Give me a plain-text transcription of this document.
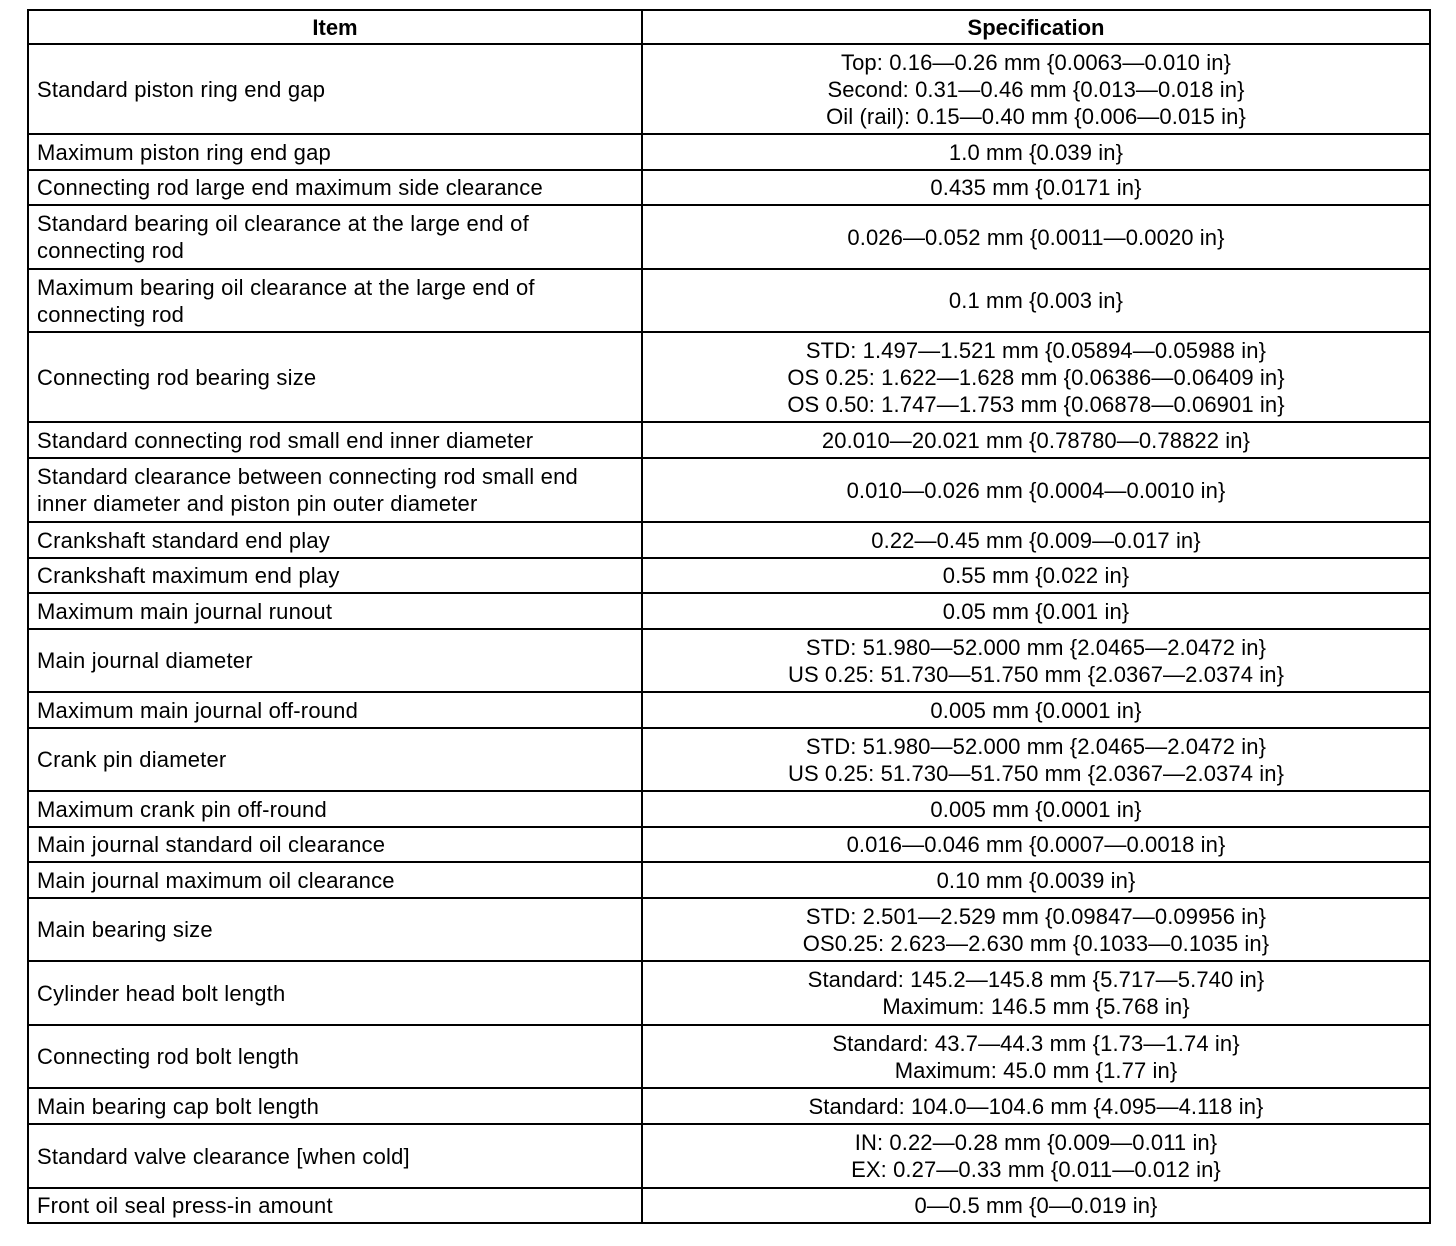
Item	Specification
Standard piston ring end gap	Top: 0.16—0.26 mm {0.0063—0.010 in}
Second: 0.31—0.46 mm {0.013—0.018 in}
Oil (rail): 0.15—0.40 mm {0.006—0.015 in}

Maximum piston ring end gap	1.0 mm {0.039 in}

Connecting rod large end maximum side clearance	0.435 mm {0.0171 in}

Standard bearing oil clearance at the large end of connecting rod	0.026—0.052 mm {0.0011—0.0020 in}

Maximum bearing oil clearance at the large end of connecting rod	0.1 mm {0.003 in}

Connecting rod bearing size	STD: 1.497—1.521 mm {0.05894—0.05988 in}
OS 0.25: 1.622—1.628 mm {0.06386—0.06409 in}
OS 0.50: 1.747—1.753 mm {0.06878—0.06901 in}

Standard connecting rod small end inner diameter	20.010—20.021 mm {0.78780—0.78822 in}

Standard clearance between connecting rod small end inner diameter and piston pin outer diameter	0.010—0.026 mm {0.0004—0.0010 in}

Crankshaft standard end play	0.22—0.45 mm {0.009—0.017 in}

Crankshaft maximum end play	0.55 mm {0.022 in}

Maximum main journal runout	0.05 mm {0.001 in}

Main journal diameter	STD: 51.980—52.000 mm {2.0465—2.0472 in}
US 0.25: 51.730—51.750 mm {2.0367—2.0374 in}

Maximum main journal off-round	0.005 mm {0.0001 in}

Crank pin diameter	STD: 51.980—52.000 mm {2.0465—2.0472 in}
US 0.25: 51.730—51.750 mm {2.0367—2.0374 in}

Maximum crank pin off-round	0.005 mm {0.0001 in}

Main journal standard oil clearance	0.016—0.046 mm {0.0007—0.0018 in}

Main journal maximum oil clearance	0.10 mm {0.0039 in}

Main bearing size	STD: 2.501—2.529 mm {0.09847—0.09956 in}
OS0.25: 2.623—2.630 mm {0.1033—0.1035 in}

Cylinder head bolt length	Standard: 145.2—145.8 mm {5.717—5.740 in}
Maximum: 146.5 mm {5.768 in}

Connecting rod bolt length	Standard: 43.7—44.3 mm {1.73—1.74 in}
Maximum: 45.0 mm {1.77 in}

Main bearing cap bolt length	Standard: 104.0—104.6 mm {4.095—4.118 in}

Standard valve clearance [when cold]	IN: 0.22—0.28 mm {0.009—0.011 in}
EX: 0.27—0.33 mm {0.011—0.012 in}

Front oil seal press-in amount	0—0.5 mm {0—0.019 in}
